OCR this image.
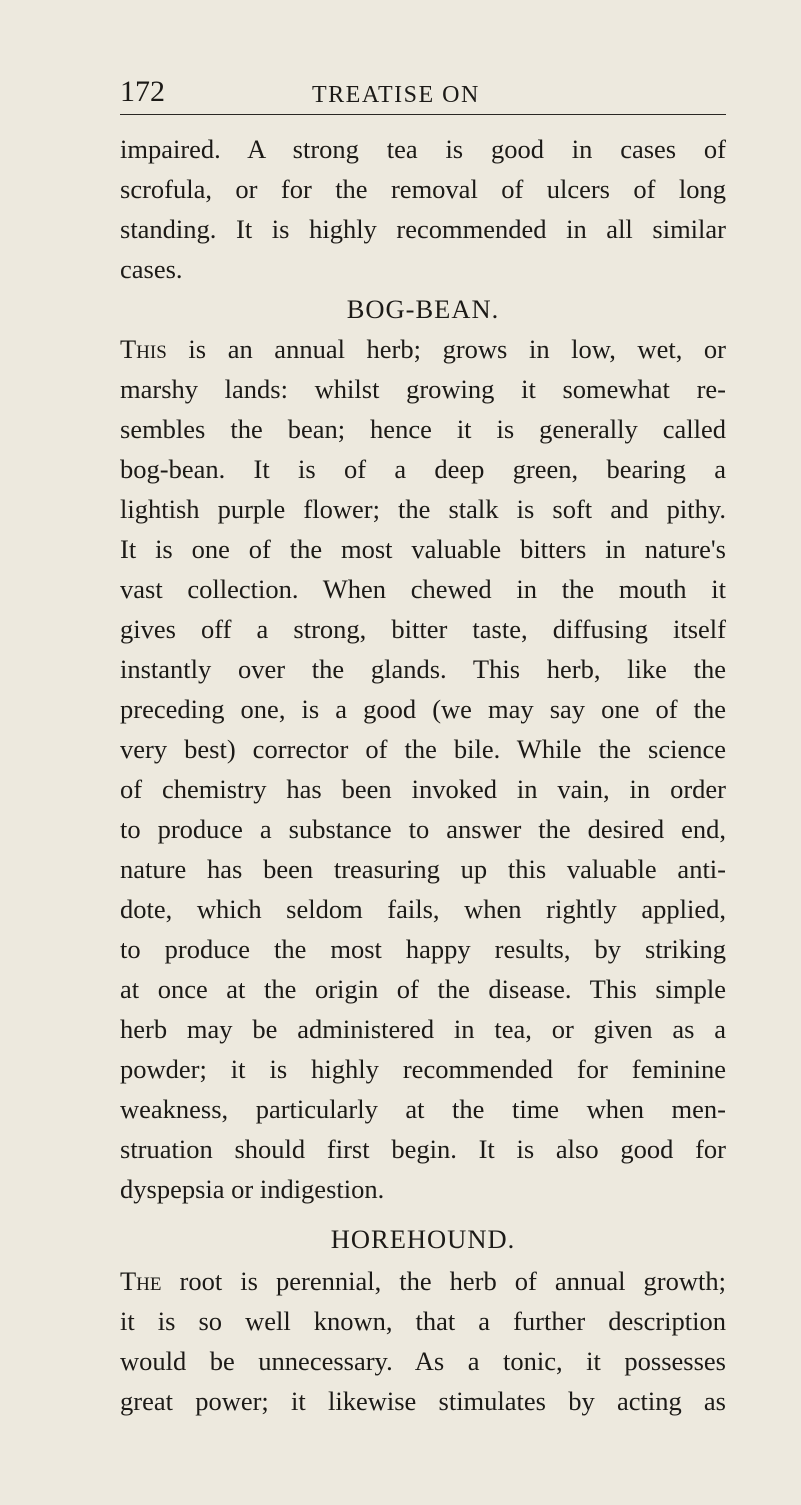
172	TREATISE ON
impaired. A strong tea is good in cases of
scrofula, or for the removal of ulcers of long
standing. It is highly recommended in all similar
cases.
BOG-BEAN.
This is an annual herb; grows in low, wet, or
marshy lands: whilst growing it somewhat re-
sembles the bean; hence it is generally called
bog-bean. It is of a deep green, bearing a
lightish purple flower; the stalk is soft and pithy.
It is one of the most valuable bitters in nature's
vast collection. When chewed in the mouth it
gives off a strong, bitter taste, diffusing itself
instantly over the glands. This herb, like the
preceding one, is a good (we may say one of the
very best) corrector of the bile. While the science
of chemistry has been invoked in vain, in order
to produce a substance to answer the desired end,
nature has been treasuring up this valuable anti-
dote, which seldom fails, when rightly applied,
to produce the most happy results, by striking
at once at the origin of the disease. This simple
herb may be administered in tea, or given as a
powder; it is highly recommended for feminine
weakness, particularly at the time when men-
struation should first begin. It is also good for
dyspepsia or indigestion.
HOREHOUND.
The root is perennial, the herb of annual growth;
it is so well known, that a further description
would be unnecessary. As a tonic, it possesses
great power; it likewise stimulates by acting as
